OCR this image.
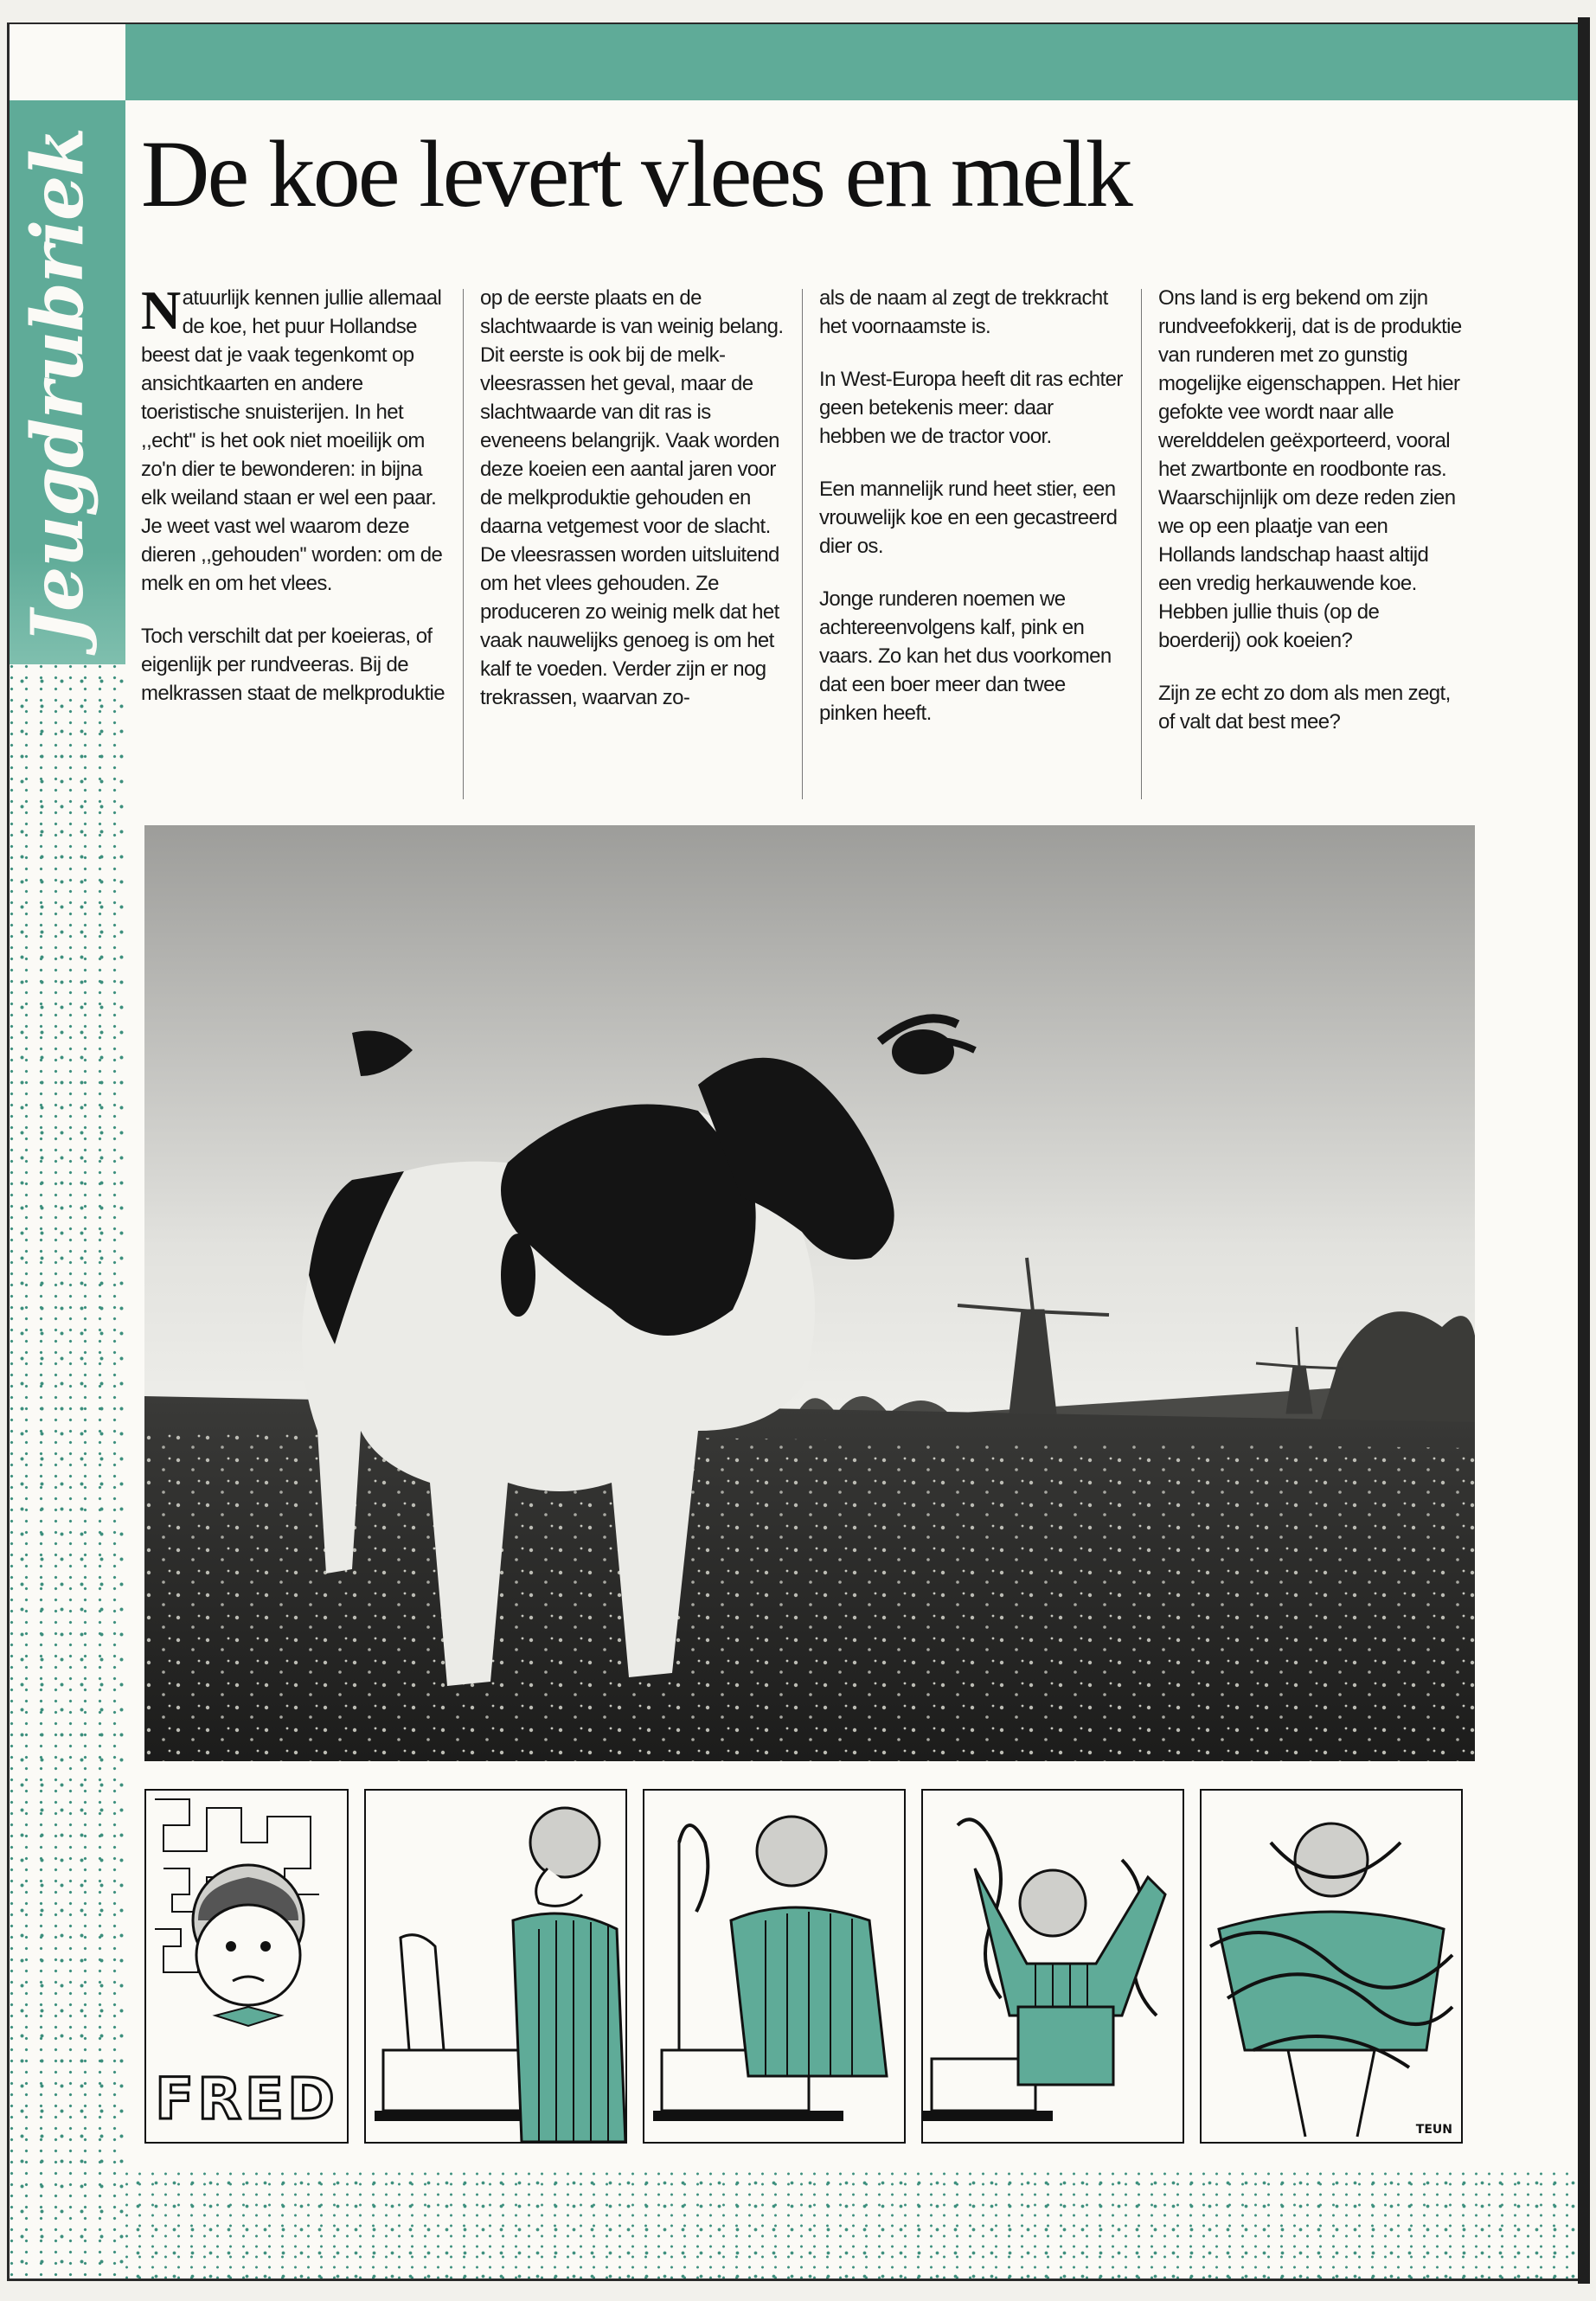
Jeugdrubriek De koe levert vlees en melk

Natuurlijk kennen jullie allemaal de koe, het puur Hollandse beest dat je vaak tegenkomt op ansichtkaarten en andere toeristische snuisterijen. In het ,,echt'' is het ook niet moeilijk om zo'n dier te bewonderen: in bijna elk weiland staan er wel een paar. Je weet vast wel waarom deze dieren ,,gehouden'' worden: om de melk en om het vlees.

Toch verschilt dat per koeieras, of eigenlijk per rundveeras. Bij de melkrassen staat de melkproduktie

op de eerste plaats en de slachtwaarde is van weinig belang. Dit eerste is ook bij de melk-vleesrassen het geval, maar de slachtwaarde van dit ras is eveneens belangrijk. Vaak worden deze koeien een aantal jaren voor de melkproduktie gehouden en daarna vetgemest voor de slacht. De vleesrassen worden uitsluitend om het vlees gehouden. Ze produceren zo weinig melk dat het vaak nauwelijks genoeg is om het kalf te voeden. Verder zijn er nog trekrassen, waarvan zo-

als de naam al zegt de trekkracht het voornaamste is.

In West-Europa heeft dit ras echter geen betekenis meer: daar hebben we de tractor voor.

Een mannelijk rund heet stier, een vrouwelijk koe en een gecastreerd dier os.

Jonge runderen noemen we achtereenvolgens kalf, pink en vaars. Zo kan het dus voorkomen dat een boer meer dan twee pinken heeft.

Ons land is erg bekend om zijn rundveefokkerij, dat is de produktie van runderen met zo gunstig mogelijke eigenschappen. Het hier gefokte vee wordt naar alle werelddelen geëxporteerd, vooral het zwartbonte en roodbonte ras. Waarschijnlijk om deze reden zien we op een plaatje van een Hollands landschap haast altijd een vredig herkauwende koe. Hebben jullie thuis (op de boerderij) ook koeien?

Zijn ze echt zo dom als men zegt, of valt dat best mee?

FRED	TEUN
